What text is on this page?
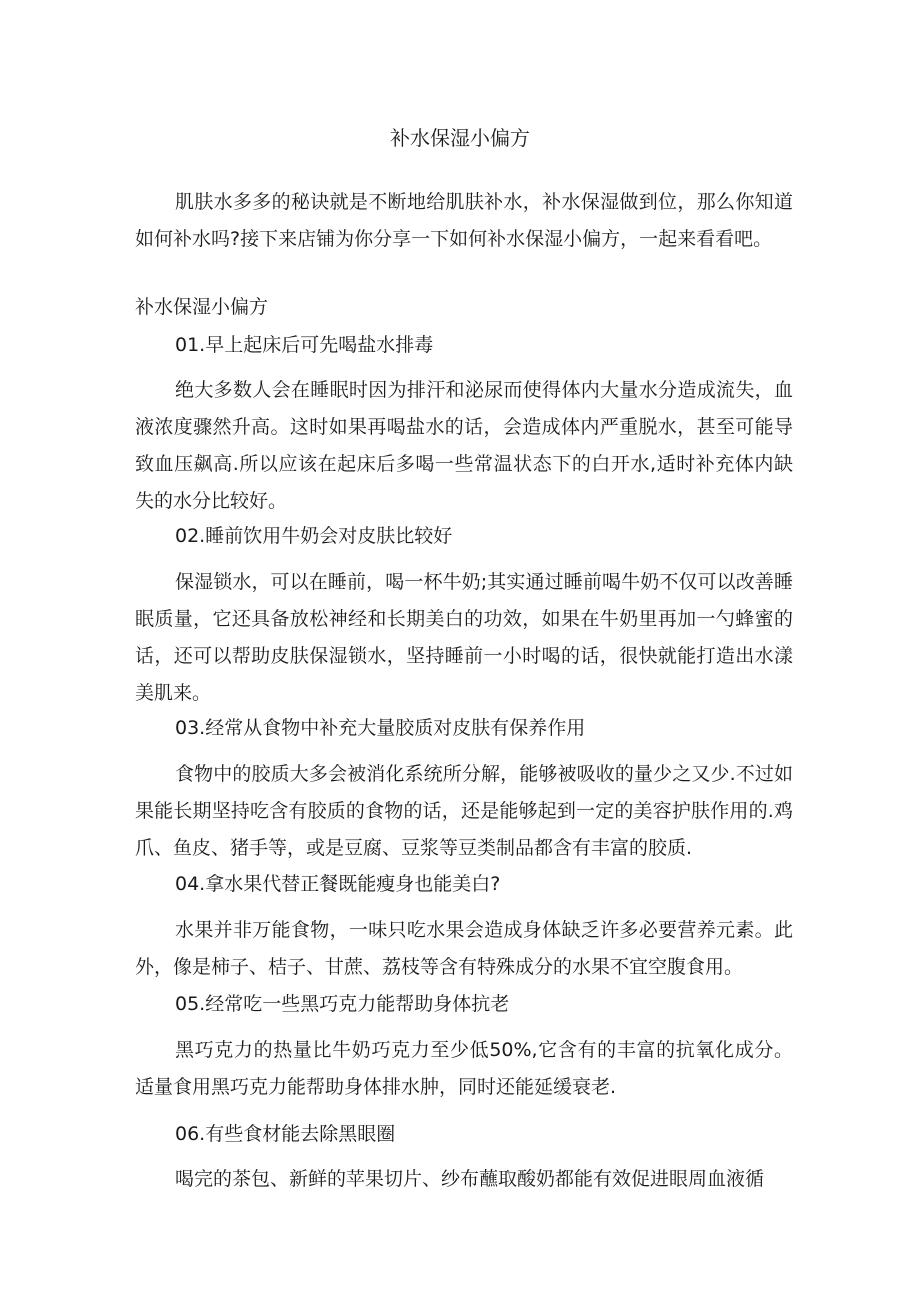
补水保湿小偏方
肌肤水多多的秘诀就是不断地给肌肤补水，补水保湿做到位，那么你知道如何补水吗?接下来店铺为你分享一下如何补水保湿小偏方，一起来看看吧。
补水保湿小偏方
01.早上起床后可先喝盐水排毒
绝大多数人会在睡眠时因为排汗和泌尿而使得体内大量水分造成流失，血液浓度骤然升高。这时如果再喝盐水的话，会造成体内严重脱水，甚至可能导致血压飙高.所以应该在起床后多喝一些常温状态下的白开水,适时补充体内缺失的水分比较好。
02.睡前饮用牛奶会对皮肤比较好
保湿锁水，可以在睡前，喝一杯牛奶;其实通过睡前喝牛奶不仅可以改善睡眠质量，它还具备放松神经和长期美白的功效，如果在牛奶里再加一勺蜂蜜的话，还可以帮助皮肤保湿锁水，坚持睡前一小时喝的话，很快就能打造出水漾美肌来。
03.经常从食物中补充大量胶质对皮肤有保养作用
食物中的胶质大多会被消化系统所分解，能够被吸收的量少之又少.不过如果能长期坚持吃含有胶质的食物的话，还是能够起到一定的美容护肤作用的.鸡爪、鱼皮、猪手等，或是豆腐、豆浆等豆类制品都含有丰富的胶质.
04.拿水果代替正餐既能瘦身也能美白?
水果并非万能食物，一味只吃水果会造成身体缺乏许多必要营养元素。此外，像是柿子、桔子、甘蔗、荔枝等含有特殊成分的水果不宜空腹食用。
05.经常吃一些黑巧克力能帮助身体抗老
黑巧克力的热量比牛奶巧克力至少低50%,它含有的丰富的抗氧化成分。适量食用黑巧克力能帮助身体排水肿，同时还能延缓衰老.
06.有些食材能去除黑眼圈
喝完的茶包、新鲜的苹果切片、纱布蘸取酸奶都能有效促进眼周血液循
